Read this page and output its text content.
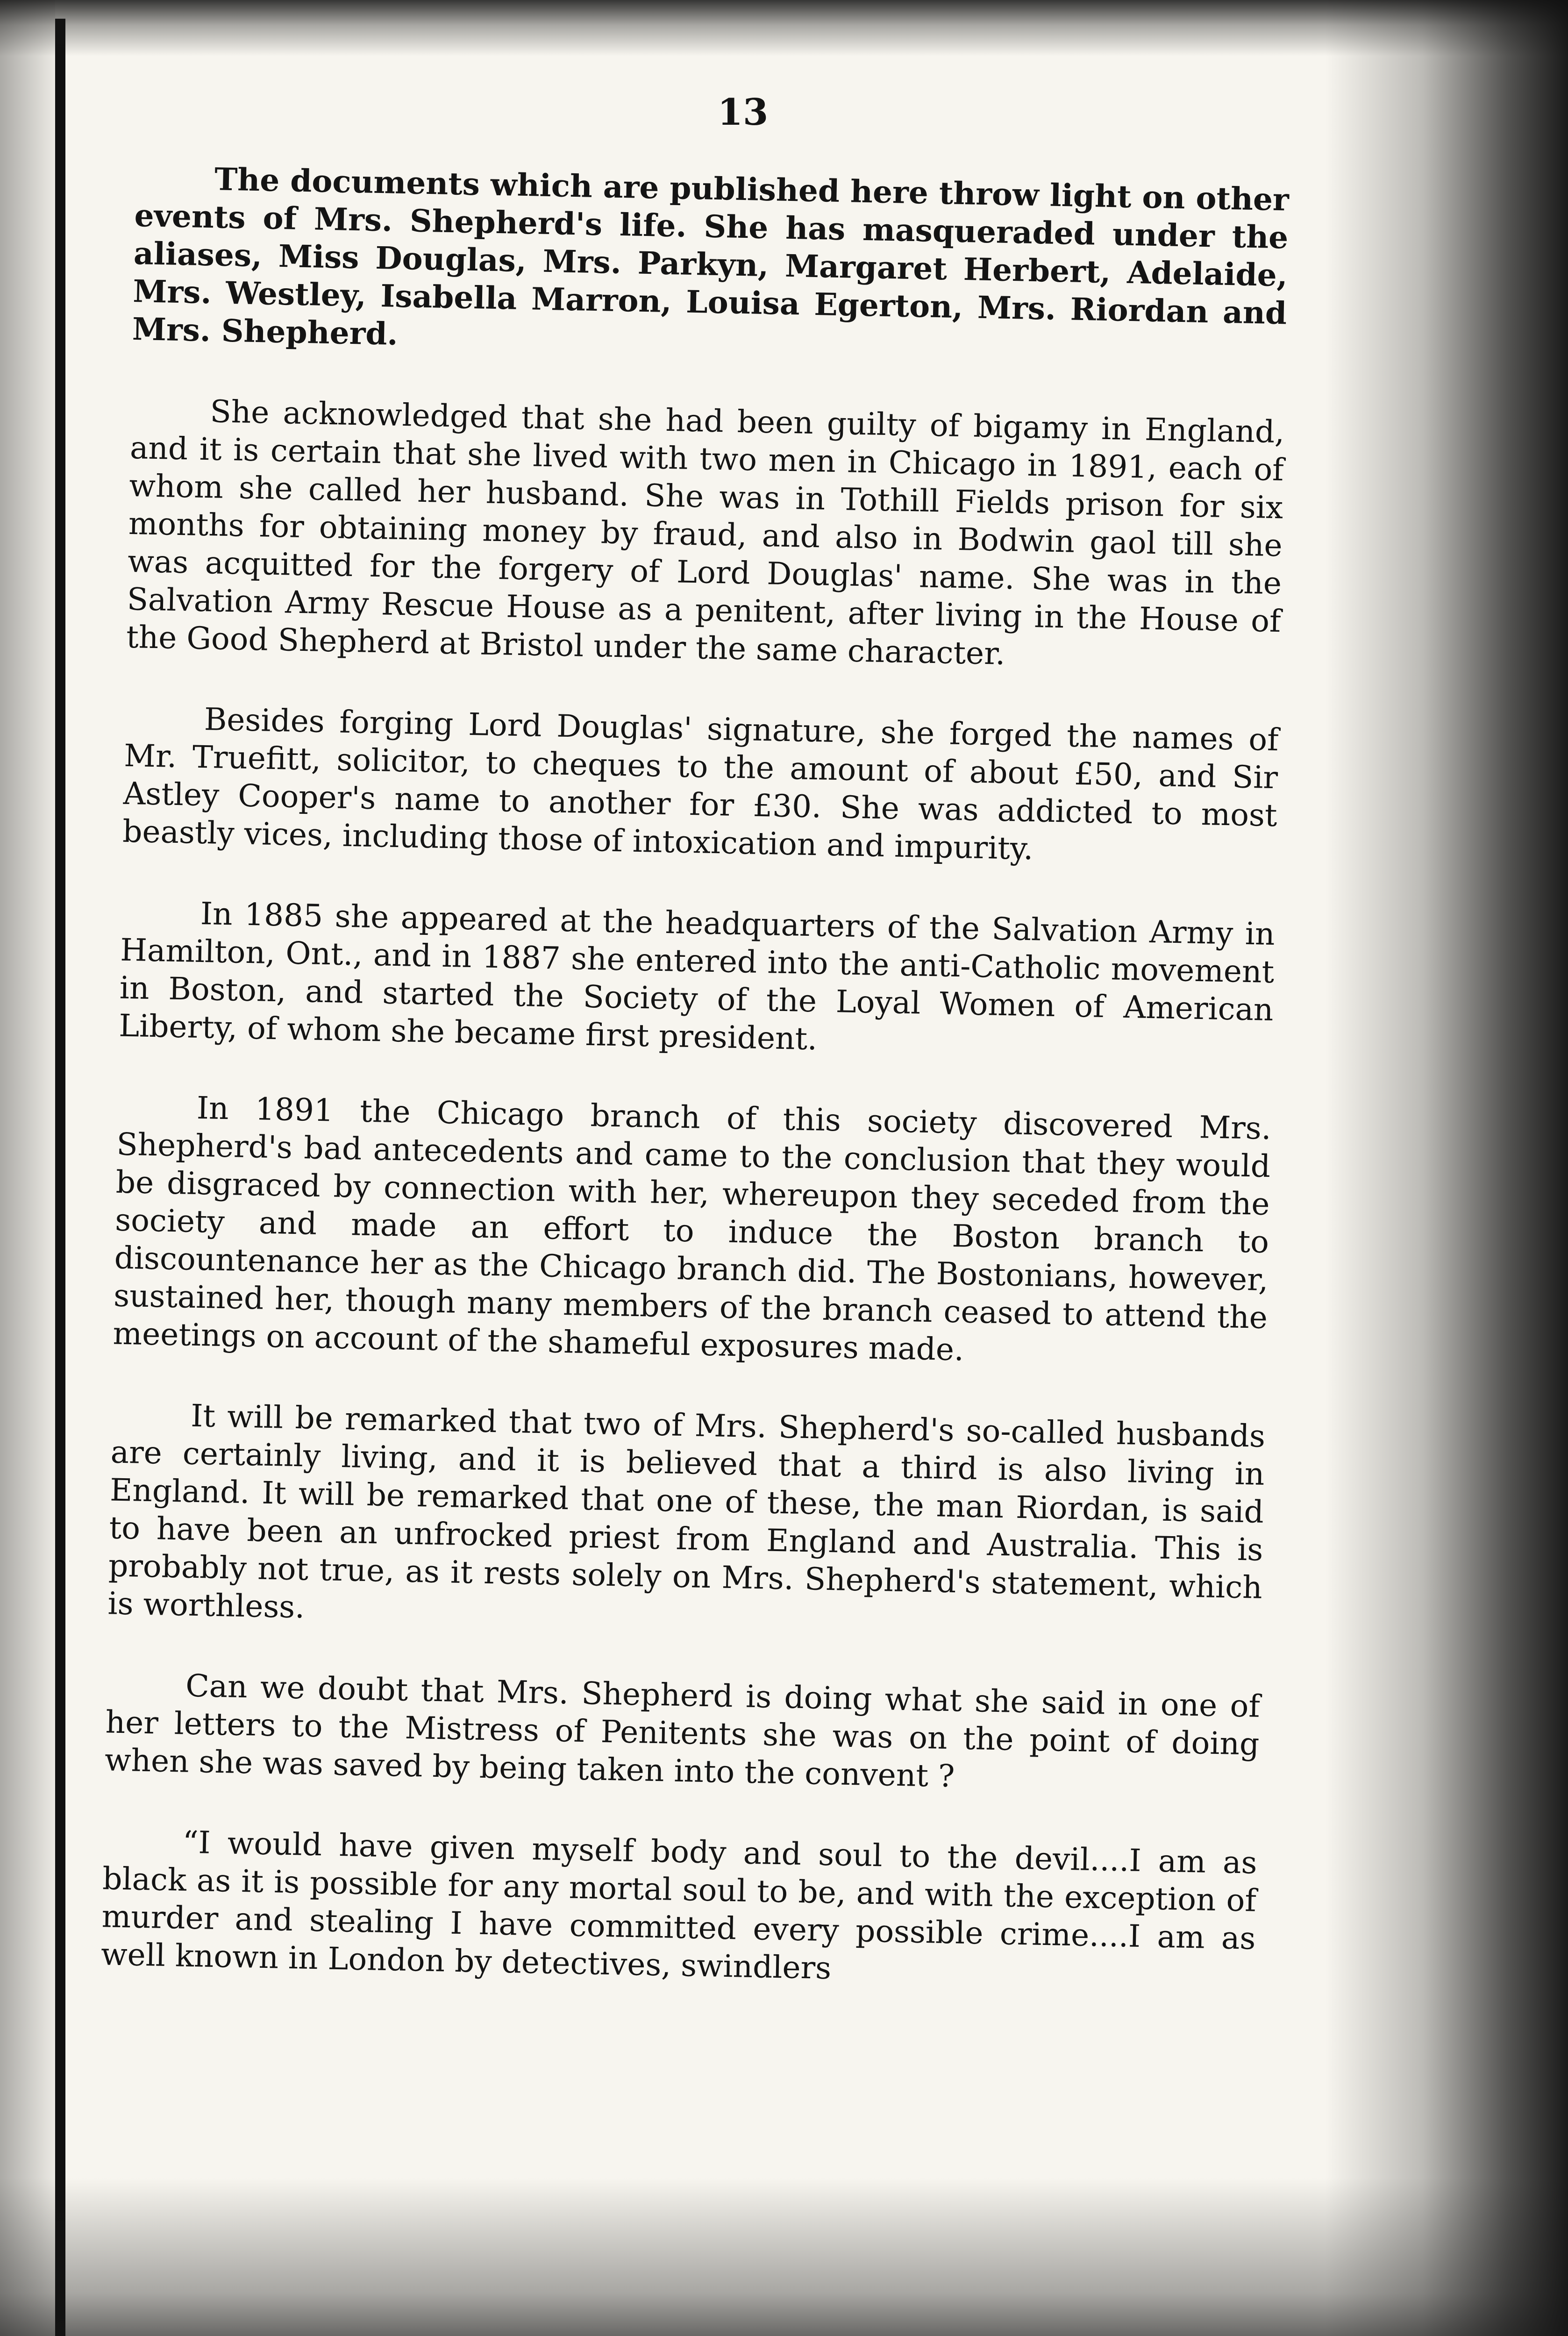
13

The documents which are published here throw light on other events of Mrs. Shepherd's life. She has masqueraded under the aliases, Miss Douglas, Mrs. Parkyn, Margaret Herbert, Adelaide, Mrs. Westley, Isabella Marron, Louisa Egerton, Mrs. Riordan and Mrs. Shepherd.

She acknowledged that she had been guilty of bigamy in England, and it is certain that she lived with two men in Chicago in 1891, each of whom she called her husband. She was in Tothill Fields prison for six months for obtaining money by fraud, and also in Bodwin gaol till she was acquitted for the forgery of Lord Douglas' name. She was in the Salvation Army Rescue House as a penitent, after living in the House of the Good Shepherd at Bristol under the same character.

Besides forging Lord Douglas' signature, she forged the names of Mr. Truefitt, solicitor, to cheques to the amount of about £50, and Sir Astley Cooper's name to another for £30. She was addicted to most beastly vices, including those of intoxication and impurity.

In 1885 she appeared at the headquarters of the Salvation Army in Hamilton, Ont., and in 1887 she entered into the anti-Catholic movement in Boston, and started the Society of the Loyal Women of American Liberty, of whom she became first president.

In 1891 the Chicago branch of this society discovered Mrs. Shepherd's bad antecedents and came to the conclusion that they would be disgraced by connection with her, whereupon they seceded from the society and made an effort to induce the Boston branch to discountenance her as the Chicago branch did. The Bostonians, however, sustained her, though many members of the branch ceased to attend the meetings on account of the shameful exposures made.

It will be remarked that two of Mrs. Shepherd's so-called husbands are certainly living, and it is believed that a third is also living in England. It will be remarked that one of these, the man Riordan, is said to have been an unfrocked priest from England and Australia. This is probably not true, as it rests solely on Mrs. Shepherd's statement, which is worthless.

Can we doubt that Mrs. Shepherd is doing what she said in one of her letters to the Mistress of Penitents she was on the point of doing when she was saved by being taken into the convent ?

“I would have given myself body and soul to the devil....I am as black as it is possible for any mortal soul to be, and with the exception of murder and stealing I have committed every possible crime....I am as well known in London by detectives, swindlers
